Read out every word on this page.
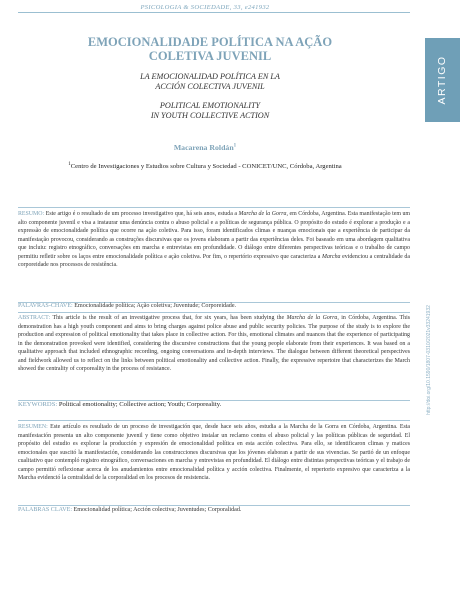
PSICOLOGIA & SOCIEDADE, 33, e241932
ARTIGO
http://doi.org/10.1590/1807-0310/2021v33241932
EMOCIONALIDADE POLÍTICA NA AÇÃO COLETIVA JUVENIL
LA EMOCIONALIDAD POLÍTICA EN LA
ACCIÓN COLECTIVA JUVENIL
POLITICAL EMOTIONALITY
IN YOUTH COLLECTIVE ACTION
Macarena Roldán$^1$
$^1$Centro de Investigaciones y Estudios sobre Cultura y Sociedad - CONICET/UNC, Córdoba, Argentina
RESUMO: Este artigo é o resultado de um processo investigativo que, há seis anos, estuda a Marcha de la Gorra, em Córdoba, Argentina. Esta manifestação tem um alto componente juvenil e visa a instaurar uma denúncia contra o abuso policial e a políticas de segurança pública. O propósito do estudo é explorar a produção e a expressão de emocionalidade política que ocorre na ação coletiva. Para isso, foram identificados climas e nuanças emocionais que a experiência de participar da manifestação provocou, considerando as construções discursivas que os jovens elaboram a partir das experiências deles. Foi baseado em uma abordagem qualitativa que incluiu: registro etnográfico, conversações em marcha e entrevistas em profundidade. O diálogo entre diferentes perspectivas teóricas e o trabalho de campo permitiu refletir sobre os laços entre emocionalidade política e ação coletiva. Por fim, o repertório expressivo que caracteriza a Marcha evidenciou a centralidade da corporeidade nos processos de resistência.
PALAVRAS-CHAVE: Emocionalidade política; Ação coletiva; Juventude; Corporeidade.
ABSTRACT: This article is the result of an investigative process that, for six years, has been studying the Marcha de la Gorra, in Córdoba, Argentina. This demonstration has a high youth component and aims to bring charges against police abuse and public security policies. The purpose of the study is to explore the production and expression of political emotionality that takes place in collective action. For this, emotional climates and nuances that the experience of participating in the demonstration provoked were identified, considering the discursive constructions that the young people elaborate from their experiences. It was based on a qualitative approach that included ethnographic recording, ongoing conversations and in-depth interviews. The dialogue between different theoretical perspectives and fieldwork allowed us to reflect on the links between political emotionality and collective action. Finally, the expressive repertoire that characterizes the March showed the centrality of corporeality in the process of resistance.
KEYWORDS: Political emotionality; Collective action; Youth; Corporeality.
RESUMEN: Este artículo es resultado de un proceso de investigación que, desde hace seis años, estudia a la Marcha de la Gorra en Córdoba, Argentina. Esta manifestación presenta un alto componente juvenil y tiene como objetivo instalar un reclamo contra el abuso policial y las políticas públicas de seguridad. El propósito del estudio es explorar la producción y expresión de emocionalidad política en esta acción colectiva. Para ello, se identificaron climas y matices emocionales que suscitó la manifestación, considerando las construcciones discursivas que los jóvenes elaboran a partir de sus vivencias. Se partió de un enfoque cualitativo que contempló registro etnográfico, conversaciones en marcha y entrevistas en profundidad. El diálogo entre distintas perspectivas teóricas y el trabajo de campo permitió reflexionar acerca de los anudamientos entre emocionalidad política y acción colectiva. Finalmente, el repertorio expresivo que caracteriza a la Marcha evidenció la centralidad de la corporalidad en los procesos de resistencia.
PALABRAS CLAVE: Emocionalidad política; Acción colectiva; Juventudes; Corporalidad.
